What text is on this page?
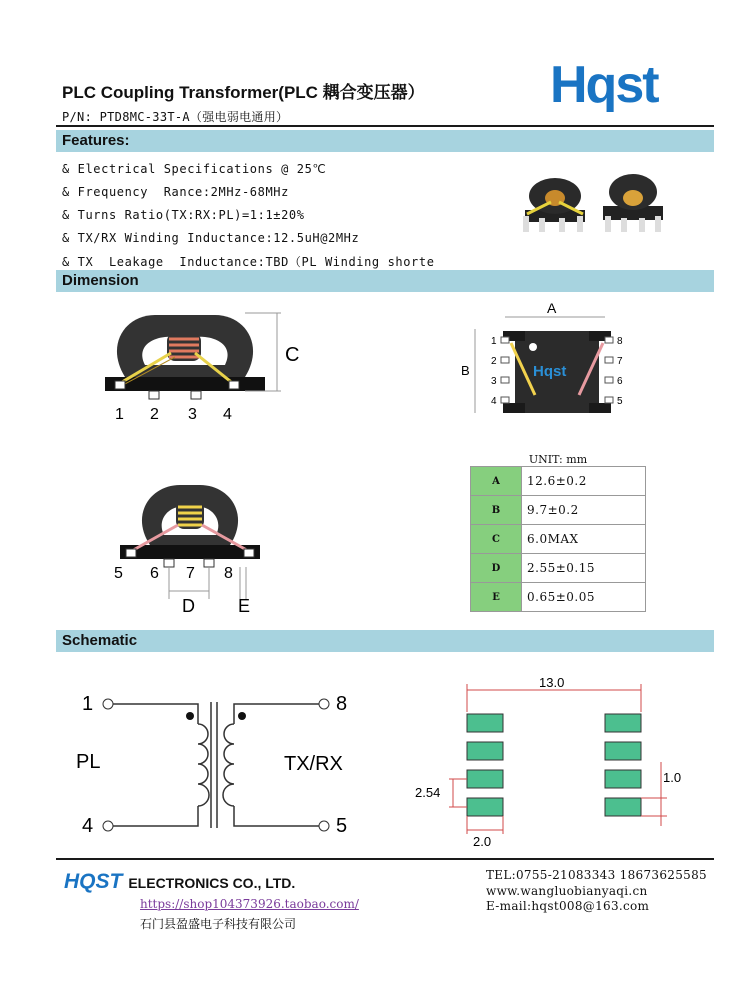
PLC Coupling Transformer(PLC 耦合变压器）
P/N: PTD8MC-33T-A（强电弱电通用）
Hqst
Features:
& Electrical Specifications @ 25℃
& Frequency  Rance:2MHz-68MHz
& Turns Ratio(TX:RX:PL)=1:1±20%
& TX/RX Winding Inductance:12.5uH@2MHz
& TX  Leakage  Inductance:TBD（PL Winding shorte
Dimension
C
1 2 3 4
A
B	Hqst
1
2
3
4
8
7
6
5
5 6 7 8
D E
UNIT: mm	
A	12.6±0.2
B	9.7±0.2
C	6.0MAX
D	2.55±0.15
E	0.65±0.05
Schematic
1
4
8
5
PL	TX/RX
13.0
2.54
2.0
1.0
HQST ELECTRONICS CO., LTD.
https://shop104373926.taobao.com/
石门县盈盛电子科技有限公司
TEL:0755-21083343 18673625585
www.wangluobianyaqi.cn
E-mail:hqst008@163.com
